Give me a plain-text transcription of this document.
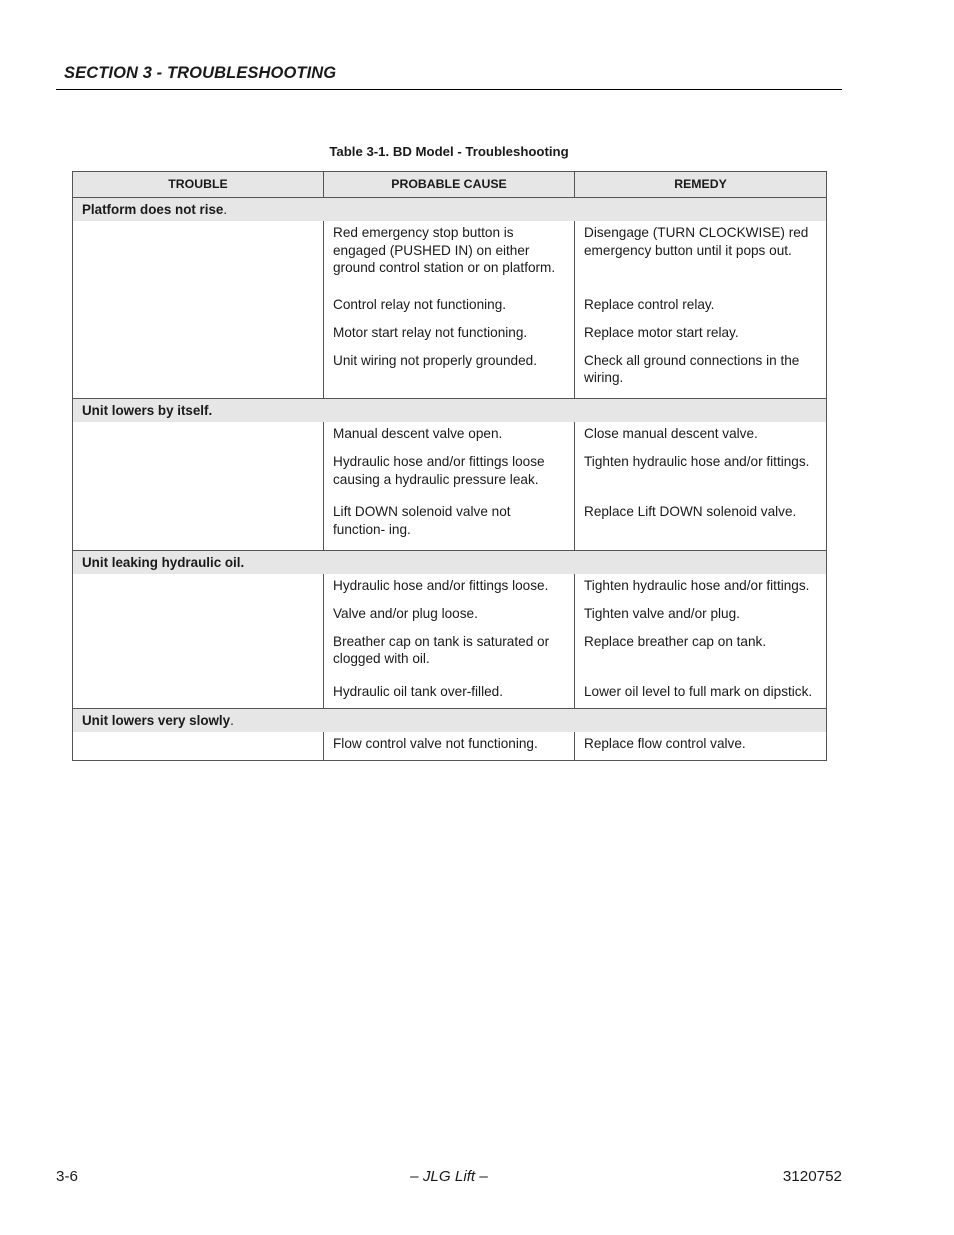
SECTION 3 - TROUBLESHOOTING
Table 3-1. BD Model - Troubleshooting
TROUBLE	PROBABLE CAUSE	REMEDY
Platform does not rise.		
	Red emergency stop button is engaged (PUSHED IN) on either ground control station or on platform.	Disengage (TURN CLOCKWISE) red emergency button until it pops out.
	Control relay not functioning.	Replace control relay.
	Motor start relay not functioning.	Replace motor start relay.
	Unit wiring not properly grounded.	Check all ground connections in the wiring.
Unit lowers by itself.		
	Manual descent valve open.	Close manual descent valve.
	Hydraulic hose and/or fittings loose causing a hydraulic pressure leak.	Tighten hydraulic hose and/or fittings.
	Lift DOWN solenoid valve not function- ing.	Replace Lift DOWN solenoid valve.
Unit leaking hydraulic oil.		
	Hydraulic hose and/or fittings loose.	Tighten hydraulic hose and/or fittings.
	Valve and/or plug loose.	Tighten valve and/or plug.
	Breather cap on tank is saturated or clogged with oil.	Replace breather cap on tank.
	Hydraulic oil tank over-filled.	Lower oil level to full mark on dipstick.
Unit lowers very slowly.		
	Flow control valve not functioning.	Replace flow control valve.

3-6	– JLG Lift –	3120752
